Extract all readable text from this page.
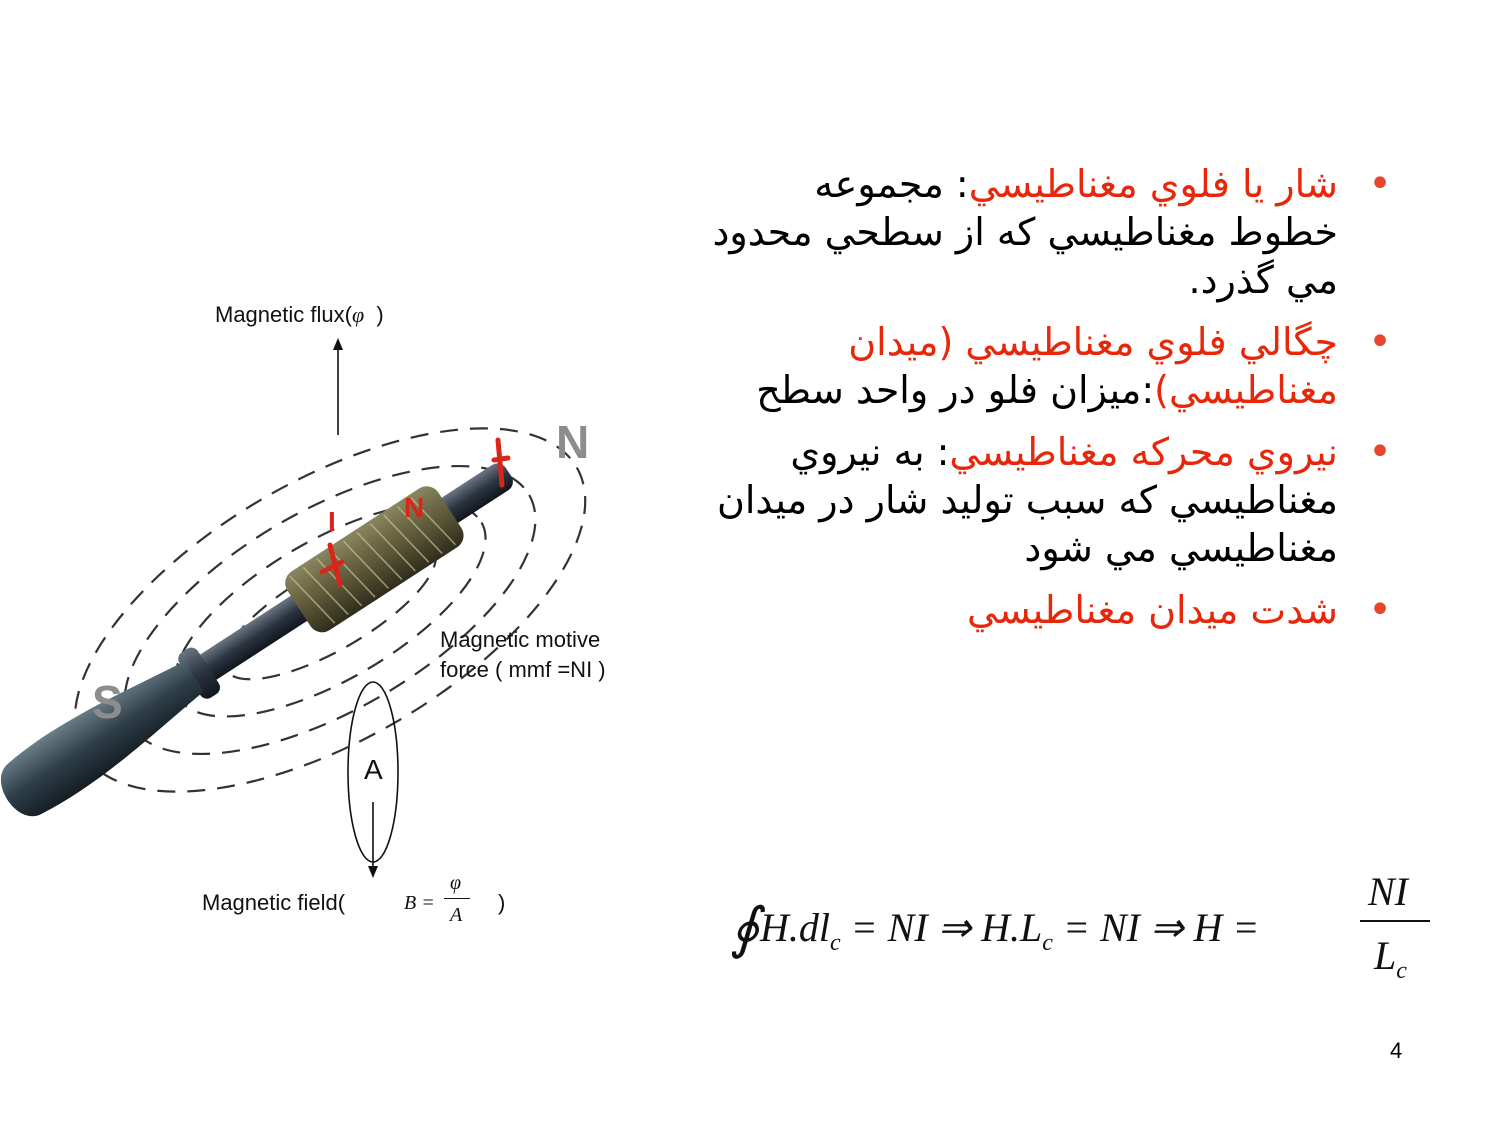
•
شار يا فلوي مغناطيسي: مجموعه خطوط مغناطيسي كه از سطحي محدود مي گذرد.
•
چگالي فلوي مغناطيسي (ميدان مغناطيسي):ميزان فلو در واحد سطح
•
نيروي محركه مغناطيسي: به نيروي مغناطيسي كه سبب توليد شار در ميدان مغناطيسي مي شود
•
شدت ميدان مغناطيسي
N
S
Magnetic flux(φ )
N
I
Magnetic motive
force ( mmf =NI )
A
Magnetic field(	B =
φ
A )	∮ $H.dl_c$ = NI ⇒ $H.L_c$ = NI ⇒ H =
NI
$L_c$
4
